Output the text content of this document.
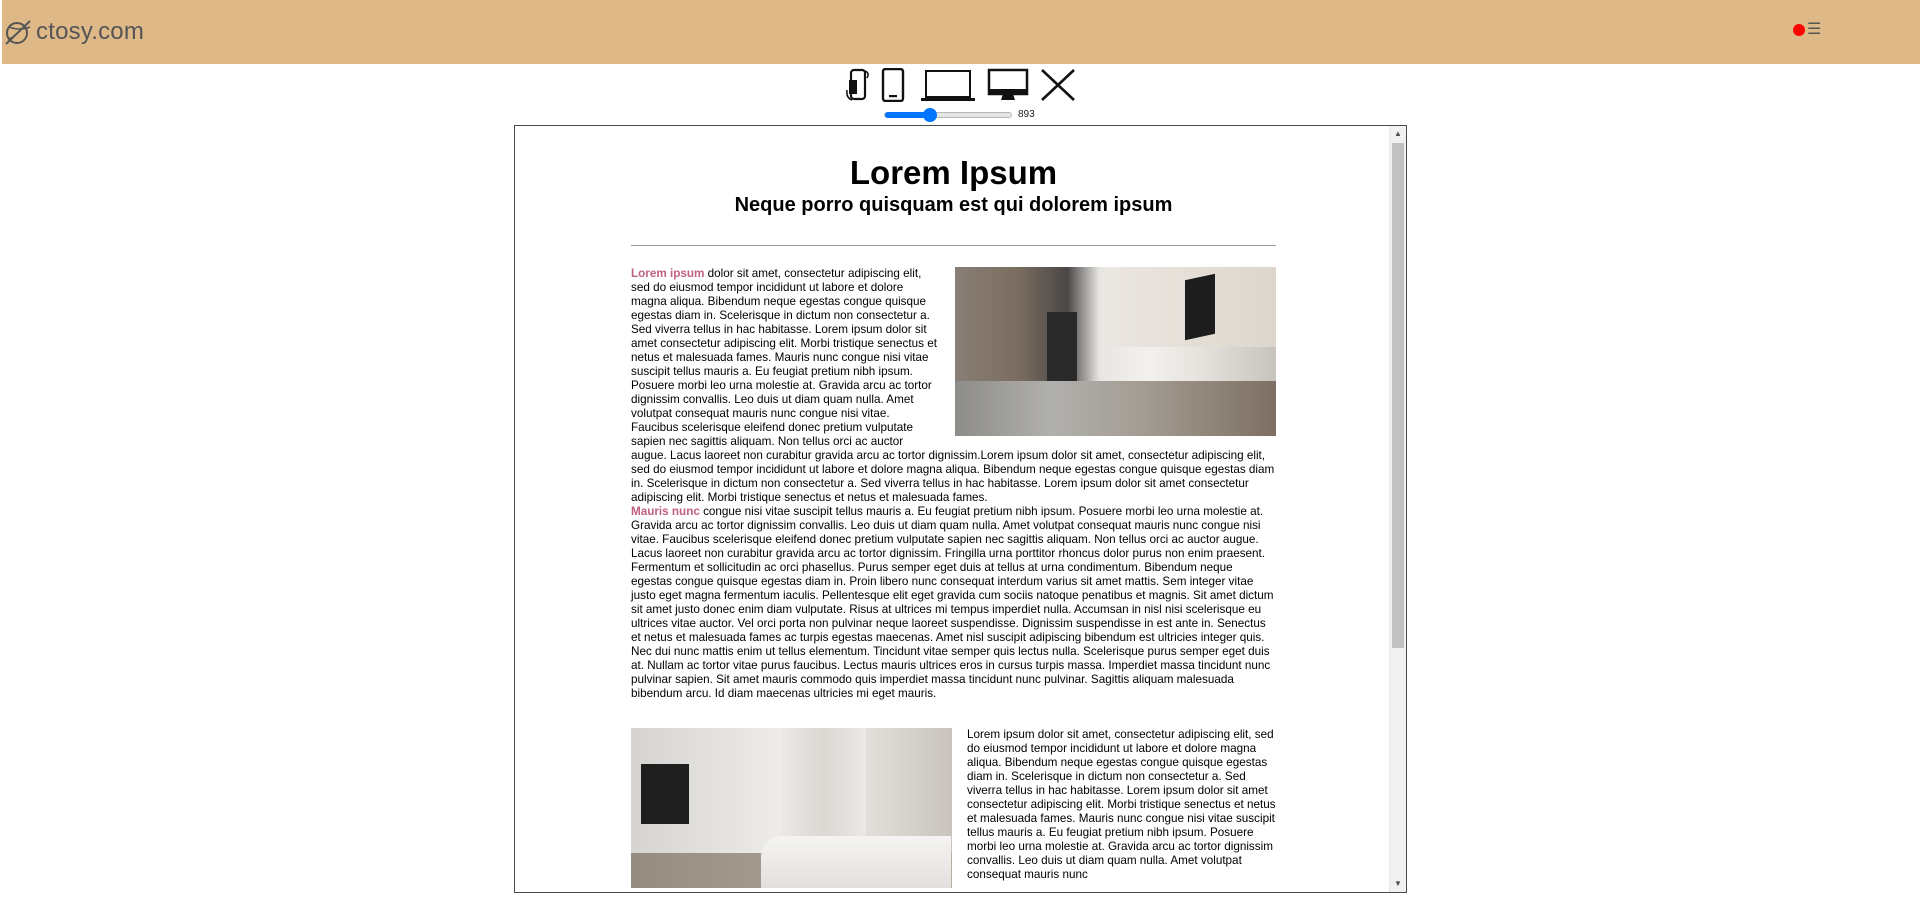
ctosy.com	☰
893
Lorem Ipsum
Neque porro quisquam est qui dolorem ipsum

Lorem ipsum dolor sit amet, consectetur adipiscing elit, sed do eiusmod tempor incididunt ut labore et dolore magna aliqua. Bibendum neque egestas congue quisque egestas diam in. Scelerisque in dictum non consectetur a. Sed viverra tellus in hac habitasse. Lorem ipsum dolor sit amet consectetur adipiscing elit. Morbi tristique senectus et netus et malesuada fames. Mauris nunc congue nisi vitae suscipit tellus mauris a. Eu feugiat pretium nibh ipsum. Posuere morbi leo urna molestie at. Gravida arcu ac tortor dignissim convallis. Leo duis ut diam quam nulla. Amet volutpat consequat mauris nunc congue nisi vitae. Faucibus scelerisque eleifend donec pretium vulputate sapien nec sagittis aliquam. Non tellus orci ac auctor augue. Lacus laoreet non curabitur gravida arcu ac tortor dignissim.Lorem ipsum dolor sit amet, consectetur adipiscing elit, sed do eiusmod tempor incididunt ut labore et dolore magna aliqua. Bibendum neque egestas congue quisque egestas diam in. Scelerisque in dictum non consectetur a. Sed viverra tellus in hac habitasse. Lorem ipsum dolor sit amet consectetur adipiscing elit. Morbi tristique senectus et netus et malesuada fames.
Mauris nunc congue nisi vitae suscipit tellus mauris a. Eu feugiat pretium nibh ipsum. Posuere morbi leo urna molestie at. Gravida arcu ac tortor dignissim convallis. Leo duis ut diam quam nulla. Amet volutpat consequat mauris nunc congue nisi vitae. Faucibus scelerisque eleifend donec pretium vulputate sapien nec sagittis aliquam. Non tellus orci ac auctor augue. Lacus laoreet non curabitur gravida arcu ac tortor dignissim. Fringilla urna porttitor rhoncus dolor purus non enim praesent. Fermentum et sollicitudin ac orci phasellus. Purus semper eget duis at tellus at urna condimentum. Bibendum neque egestas congue quisque egestas diam in. Proin libero nunc consequat interdum varius sit amet mattis. Sem integer vitae justo eget magna fermentum iaculis. Pellentesque elit eget gravida cum sociis natoque penatibus et magnis. Sit amet dictum sit amet justo donec enim diam vulputate. Risus at ultrices mi tempus imperdiet nulla. Accumsan in nisl nisi scelerisque eu ultrices vitae auctor. Vel orci porta non pulvinar neque laoreet suspendisse. Dignissim suspendisse in est ante in. Senectus et netus et malesuada fames ac turpis egestas maecenas. Amet nisl suscipit adipiscing bibendum est ultricies integer quis. Nec dui nunc mattis enim ut tellus elementum. Tincidunt vitae semper quis lectus nulla. Scelerisque purus semper eget duis at. Nullam ac tortor vitae purus faucibus. Lectus mauris ultrices eros in cursus turpis massa. Imperdiet massa tincidunt nunc pulvinar sapien. Sit amet mauris commodo quis imperdiet massa tincidunt nunc pulvinar. Sagittis aliquam malesuada bibendum arcu. Id diam maecenas ultricies mi eget mauris.

Lorem ipsum dolor sit amet, consectetur adipiscing elit, sed do eiusmod tempor incididunt ut labore et dolore magna aliqua. Bibendum neque egestas congue quisque egestas diam in. Scelerisque in dictum non consectetur a. Sed viverra tellus in hac habitasse. Lorem ipsum dolor sit amet consectetur adipiscing elit. Morbi tristique senectus et netus et malesuada fames. Mauris nunc congue nisi vitae suscipit tellus mauris a. Eu feugiat pretium nibh ipsum. Posuere morbi leo urna molestie at. Gravida arcu ac tortor dignissim convallis. Leo duis ut diam quam nulla. Amet volutpat consequat mauris nunc

▲
▼
